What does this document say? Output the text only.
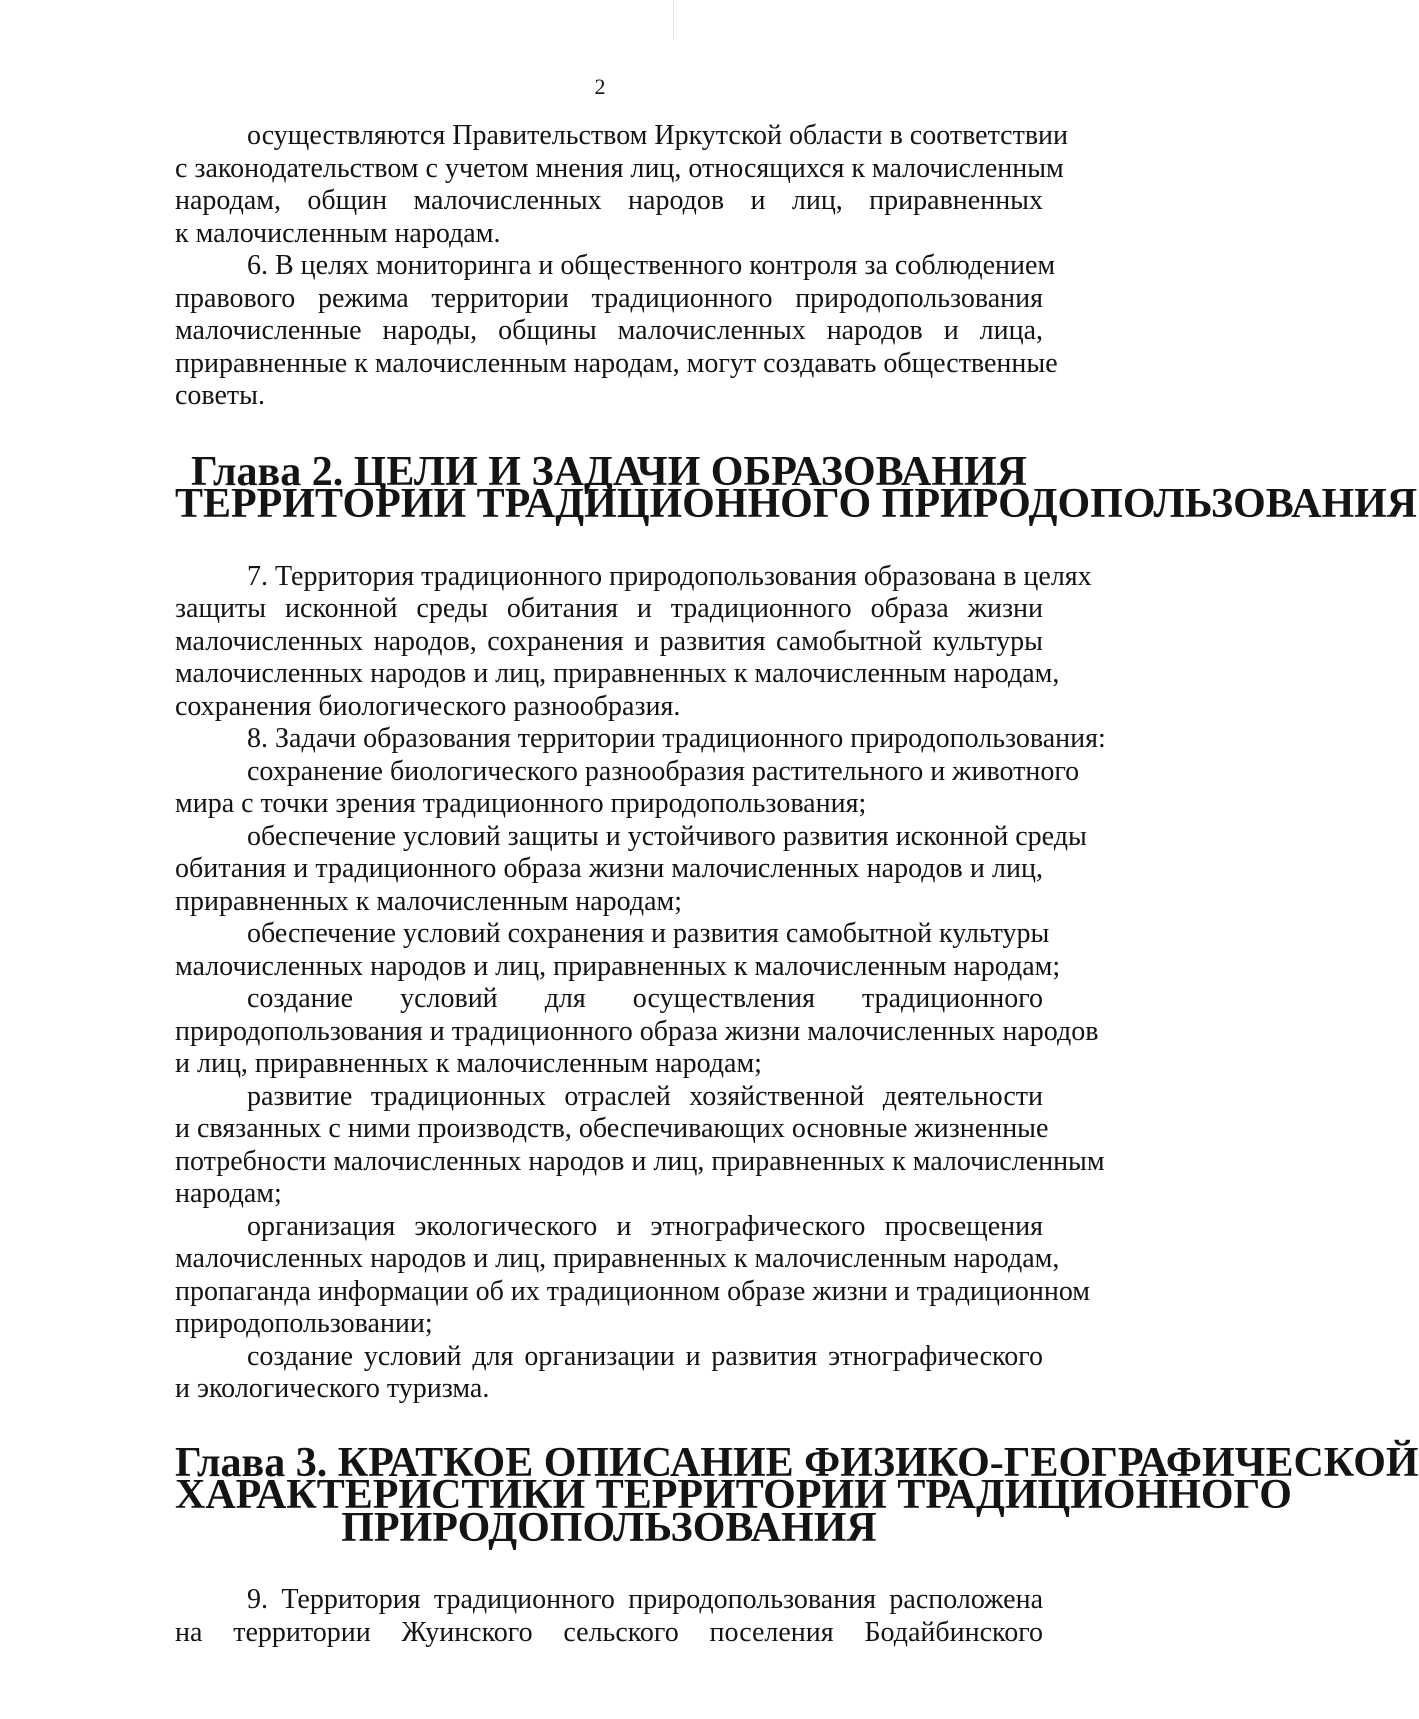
2

осуществляются Правительством Иркутской области в соответствии
с законодательством с учетом мнения лиц, относящихся к малочисленным
народам, общин малочисленных народов и лиц, приравненных
к малочисленным народам.

6. В целях мониторинга и общественного контроля за соблюдением
правового режима территории традиционного природопользования
малочисленные народы, общины малочисленных народов и лица,
приравненные к малочисленным народам, могут создавать общественные
советы.

Глава 2. ЦЕЛИ И ЗАДАЧИ ОБРАЗОВАНИЯ
ТЕРРИТОРИИ ТРАДИЦИОННОГО ПРИРОДОПОЛЬЗОВАНИЯ

7. Территория традиционного природопользования образована в целях
защиты исконной среды обитания и традиционного образа жизни
малочисленных народов, сохранения и развития самобытной культуры
малочисленных народов и лиц, приравненных к малочисленным народам,
сохранения биологического разнообразия.

8. Задачи образования территории традиционного природопользования:

сохранение биологического разнообразия растительного и животного
мира с точки зрения традиционного природопользования;

обеспечение условий защиты и устойчивого развития исконной среды
обитания и традиционного образа жизни малочисленных народов и лиц,
приравненных к малочисленным народам;

обеспечение условий сохранения и развития самобытной культуры
малочисленных народов и лиц, приравненных к малочисленным народам;

создание условий для осуществления традиционного
природопользования и традиционного образа жизни малочисленных народов
и лиц, приравненных к малочисленным народам;

развитие традиционных отраслей хозяйственной деятельности
и связанных с ними производств, обеспечивающих основные жизненные
потребности малочисленных народов и лиц, приравненных к малочисленным
народам;

организация экологического и этнографического просвещения
малочисленных народов и лиц, приравненных к малочисленным народам,
пропаганда информации об их традиционном образе жизни и традиционном
природопользовании;

создание условий для организации и развития этнографического
и экологического туризма.

Глава 3. КРАТКОЕ ОПИСАНИЕ ФИЗИКО-ГЕОГРАФИЧЕСКОЙ
ХАРАКТЕРИСТИКИ ТЕРРИТОРИИ ТРАДИЦИОННОГО
ПРИРОДОПОЛЬЗОВАНИЯ

9. Территория традиционного природопользования расположена
на территории Жуинского сельского поселения Бодайбинского
